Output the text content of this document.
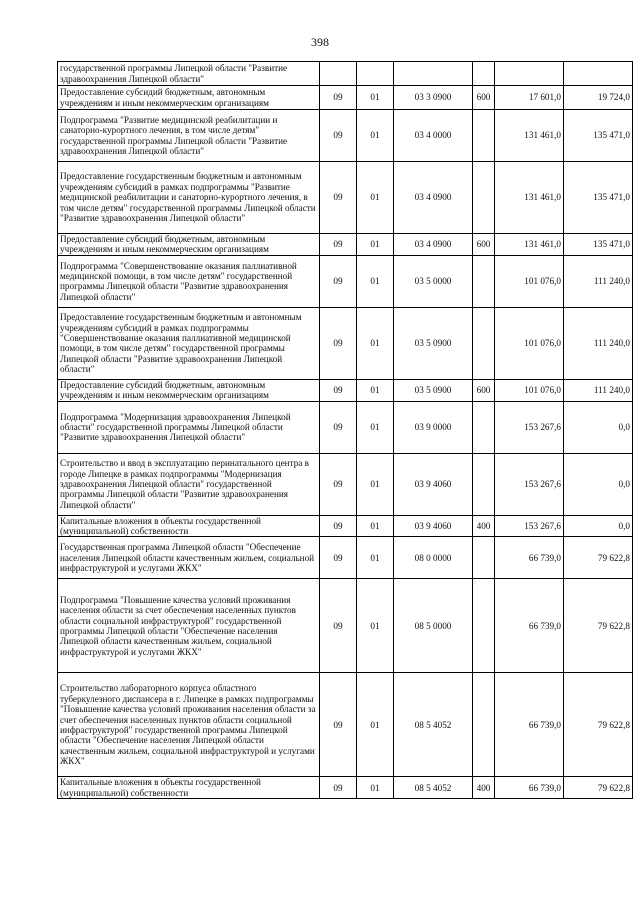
398
государственной программы Липецкой области "Развитие здравоохранения Липецкой области"						
Предоставление субсидий бюджетным, автономным учреждениям и иным некоммерческим организациям	09	01	03 3 0900	600	17 601,0	19 724,0
Подпрограмма "Развитие медицинской реабилитации и санаторно-курортного лечения, в том числе детям" государственной программы Липецкой области "Развитие здравоохранения Липецкой области"	09	01	03 4 0000		131 461,0	135 471,0
Предоставление государственным бюджетным и автономным учреждениям субсидий в рамках подпрограммы "Развитие медицинской реабилитации и санаторно-курортного лечения, в том числе детям" государственной программы Липецкой области "Развитие здравоохранения Липецкой области"	09	01	03 4 0900		131 461,0	135 471,0
Предоставление субсидий бюджетным, автономным учреждениям и иным некоммерческим организациям	09	01	03 4 0900	600	131 461,0	135 471,0
Подпрограмма "Совершенствование оказания паллиативной медицинской помощи, в том числе детям" государственной программы Липецкой области "Развитие здравоохранения Липецкой области"	09	01	03 5 0000		101 076,0	111 240,0
Предоставление государственным бюджетным и автономным учреждениям субсидий в рамках подпрограммы "Совершенствование оказания паллиативной медицинской помощи, в том числе детям" государственной программы Липецкой области "Развитие здравоохранения Липецкой области"	09	01	03 5 0900		101 076,0	111 240,0
Предоставление субсидий бюджетным, автономным учреждениям и иным некоммерческим организациям	09	01	03 5 0900	600	101 076,0	111 240,0
Подпрограмма "Модернизация здравоохранения Липецкой области" государственной программы Липецкой области "Развитие здравоохранения Липецкой области"	09	01	03 9 0000		153 267,6	0,0
Строительство и ввод в эксплуатацию перинатального центра в городе Липецке в рамках подпрограммы "Модернизация здравоохранения Липецкой области" государственной программы Липецкой области "Развитие здравоохранения Липецкой области"	09	01	03 9 4060		153 267,6	0,0
Капитальные вложения в объекты государственной (муниципальной) собственности	09	01	03 9 4060	400	153 267,6	0,0
Государственная программа Липецкой области "Обеспечение населения Липецкой области качественным жильем, социальной инфраструктурой и услугами ЖКХ"	09	01	08 0 0000		66 739,0	79 622,8
Подпрограмма "Повышение качества условий проживания населения области за счет обеспечения населенных пунктов области социальной инфраструктурой" государственной программы Липецкой области "Обеспечение населения Липецкой области качественным жильем, социальной инфраструктурой и услугами ЖКХ"	09	01	08 5 0000		66 739,0	79 622,8
Строительство лабораторного корпуса областного туберкулезного диспансера в г. Липецке в рамках подпрограммы "Повышение качества условий проживания населения области за счет обеспечения населенных пунктов области социальной инфраструктурой" государственной программы Липецкой области "Обеспечение населения Липецкой области качественным жильем, социальной инфраструктурой и услугами ЖКХ"	09	01	08 5 4052		66 739,0	79 622,8
Капитальные вложения в объекты государственной (муниципальной) собственности	09	01	08 5 4052	400	66 739,0	79 622,8
